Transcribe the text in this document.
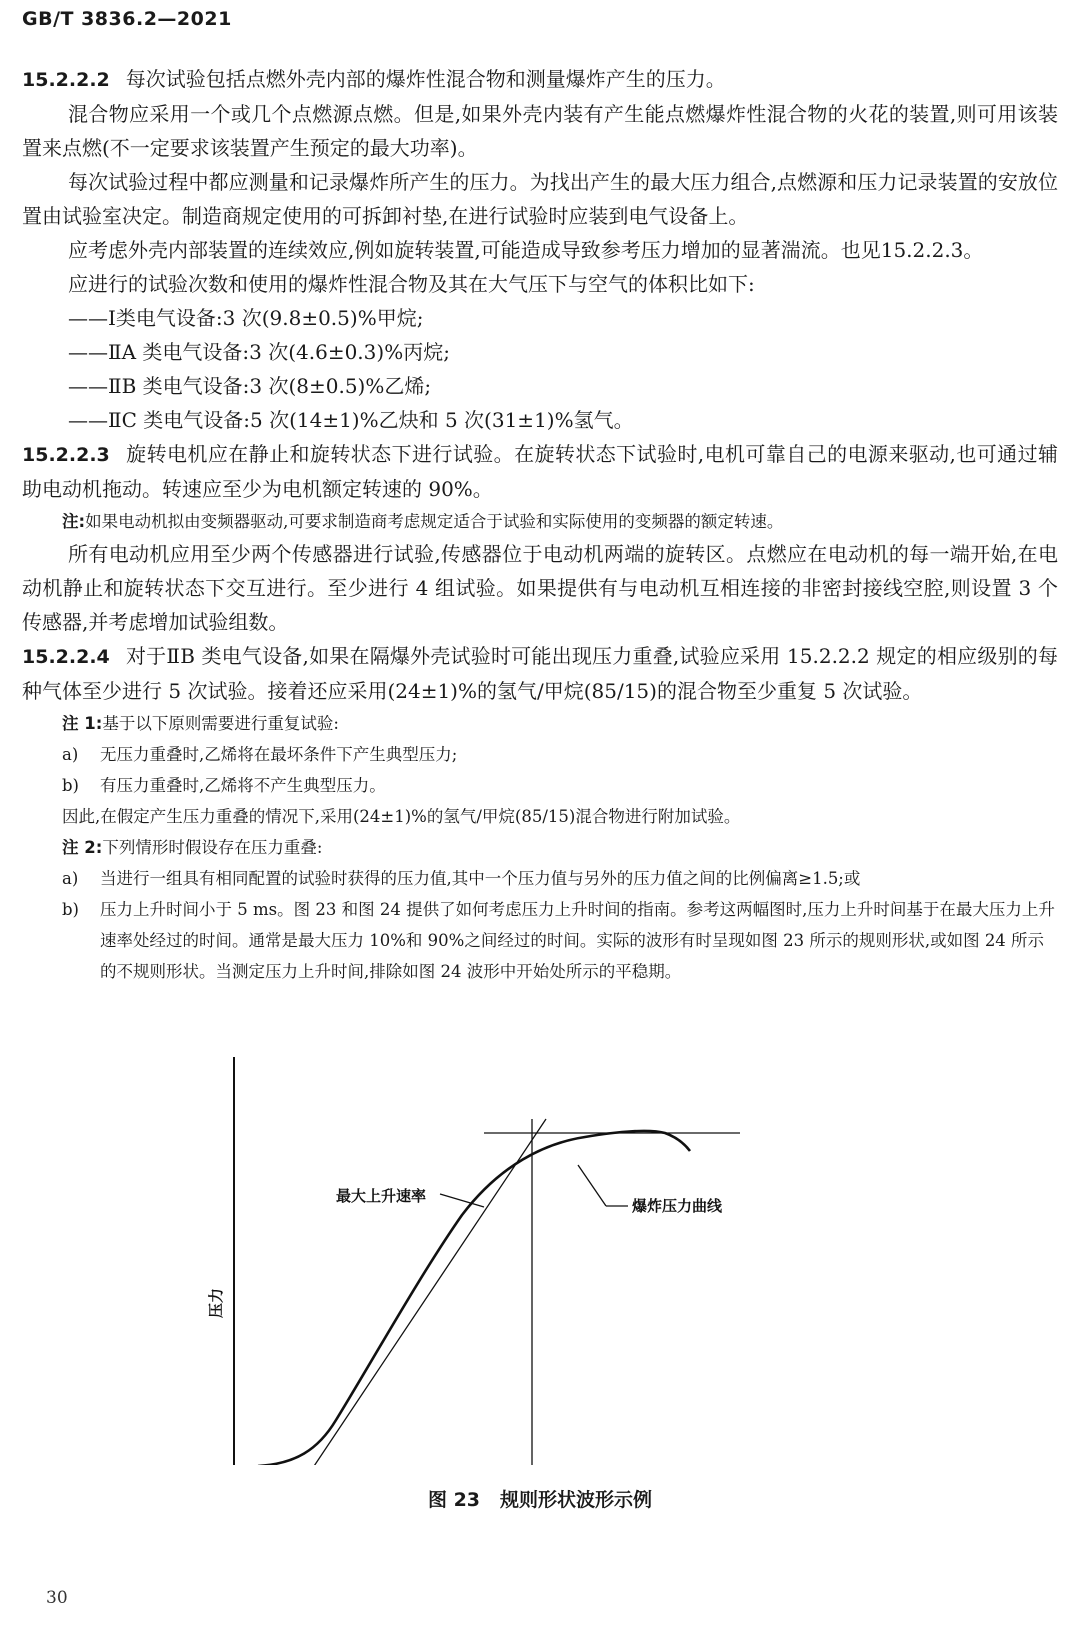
GB/T 3836.2—2021

15.2.2.2 每次试验包括点燃外壳内部的爆炸性混合物和测量爆炸产生的压力。

混合物应采用一个或几个点燃源点燃。但是,如果外壳内装有产生能点燃爆炸性混合物的火花的装置,则可用该装置来点燃(不一定要求该装置产生预定的最大功率)。

每次试验过程中都应测量和记录爆炸所产生的压力。为找出产生的最大压力组合,点燃源和压力记录装置的安放位置由试验室决定。制造商规定使用的可拆卸衬垫,在进行试验时应装到电气设备上。

应考虑外壳内部装置的连续效应,例如旋转装置,可能造成导致参考压力增加的显著湍流。也见15.2.2.3。

应进行的试验次数和使用的爆炸性混合物及其在大气压下与空气的体积比如下:

——Ⅰ类电气设备:3 次(9.8±0.5)%甲烷;

——ⅡA 类电气设备:3 次(4.6±0.3)%丙烷;

——ⅡB 类电气设备:3 次(8±0.5)%乙烯;

——ⅡC 类电气设备:5 次(14±1)%乙炔和 5 次(31±1)%氢气。

15.2.2.3 旋转电机应在静止和旋转状态下进行试验。在旋转状态下试验时,电机可靠自己的电源来驱动,也可通过辅助电动机拖动。转速应至少为电机额定转速的 90%。

注:如果电动机拟由变频器驱动,可要求制造商考虑规定适合于试验和实际使用的变频器的额定转速。

所有电动机应用至少两个传感器进行试验,传感器位于电动机两端的旋转区。点燃应在电动机的每一端开始,在电动机静止和旋转状态下交互进行。至少进行 4 组试验。如果提供有与电动机互相连接的非密封接线空腔,则设置 3 个传感器,并考虑增加试验组数。

15.2.2.4 对于ⅡB 类电气设备,如果在隔爆外壳试验时可能出现压力重叠,试验应采用 15.2.2.2 规定的相应级别的每种气体至少进行 5 次试验。接着还应采用(24±1)%的氢气/甲烷(85/15)的混合物至少重复 5 次试验。

注 1:基于以下原则需要进行重复试验:

a) 无压力重叠时,乙烯将在最坏条件下产生典型压力;

b) 有压力重叠时,乙烯将不产生典型压力。

因此,在假定产生压力重叠的情况下,采用(24±1)%的氢气/甲烷(85/15)混合物进行附加试验。

注 2:下列情形时假设存在压力重叠:

a) 当进行一组具有相同配置的试验时获得的压力值,其中一个压力值与另外的压力值之间的比例偏离≥1.5;或

b) 压力上升时间小于 5 ms。图 23 和图 24 提供了如何考虑压力上升时间的指南。参考这两幅图时,压力上升时间基于在最大压力上升速率处经过的时间。通常是最大压力 10%和 90%之间经过的时间。实际的波形有时呈现如图 23 所示的规则形状,或如图 24 所示的不规则形状。当测定压力上升时间,排除如图 24 波形中开始处所示的平稳期。

最大上升速率
爆炸压力曲线
压力
图 23 规则形状波形示例
30
